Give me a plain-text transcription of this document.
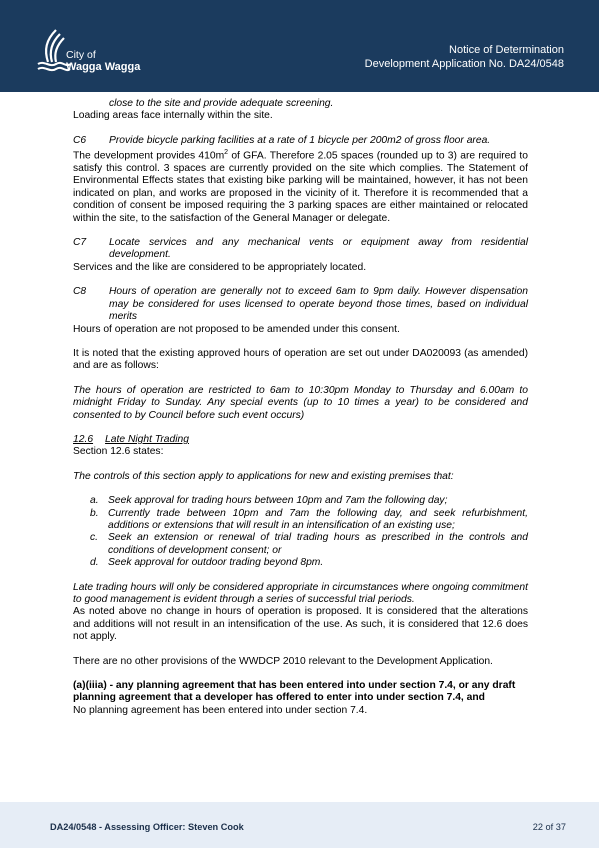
City of
Wagga Wagga
Notice of Determination
Development Application No. DA24/0548

close to the site and provide adequate screening.

Loading areas face internally within the site.

C6	Provide bicycle parking facilities at a rate of 1 bicycle per 200m2 of gross floor area.

The development provides $410m^2$ of GFA. Therefore 2.05 spaces (rounded up to 3) are required to satisfy this control. 3 spaces are currently provided on the site which complies. The Statement of Environmental Effects states that existing bike parking will be maintained, however, it has not been indicated on plan, and works are proposed in the vicinity of it. Therefore it is recommended that a condition of consent be imposed requiring the 3 parking spaces are either maintained or relocated within the site, to the satisfaction of the General Manager or delegate.

C7	Locate services and any mechanical vents or equipment away from residential development.

Services and the like are considered to be appropriately located.

C8	Hours of operation are generally not to exceed 6am to 9pm daily. However dispensation may be considered for uses licensed to operate beyond those times, based on individual merits

Hours of operation are not proposed to be amended under this consent.

It is noted that the existing approved hours of operation are set out under DA020093 (as amended) and are as follows:

The hours of operation are restricted to 6am to 10:30pm Monday to Thursday and 6.00am to midnight Friday to Sunday. Any special events (up to 10 times a year) to be considered and consented to by Council before such event occurs)

12.6 Late Night Trading

Section 12.6 states:

The controls of this section apply to applications for new and existing premises that:

a. Seek approval for trading hours between 10pm and 7am the following day;
b. Currently trade between 10pm and 7am the following day, and seek refurbishment, additions or extensions that will result in an intensification of an existing use;
c. Seek an extension or renewal of trial trading hours as prescribed in the controls and conditions of development consent; or
d. Seek approval for outdoor trading beyond 8pm.

Late trading hours will only be considered appropriate in circumstances where ongoing commitment to good management is evident through a series of successful trial periods.

As noted above no change in hours of operation is proposed. It is considered that the alterations and additions will not result in an intensification of the use. As such, it is considered that 12.6 does not apply.

There are no other provisions of the WWDCP 2010 relevant to the Development Application.

(a)(iiia) - any planning agreement that has been entered into under section 7.4, or any draft planning agreement that a developer has offered to enter into under section 7.4, and

No planning agreement has been entered into under section 7.4.

DA24/0548 - Assessing Officer: Steven Cook	22 of 37
